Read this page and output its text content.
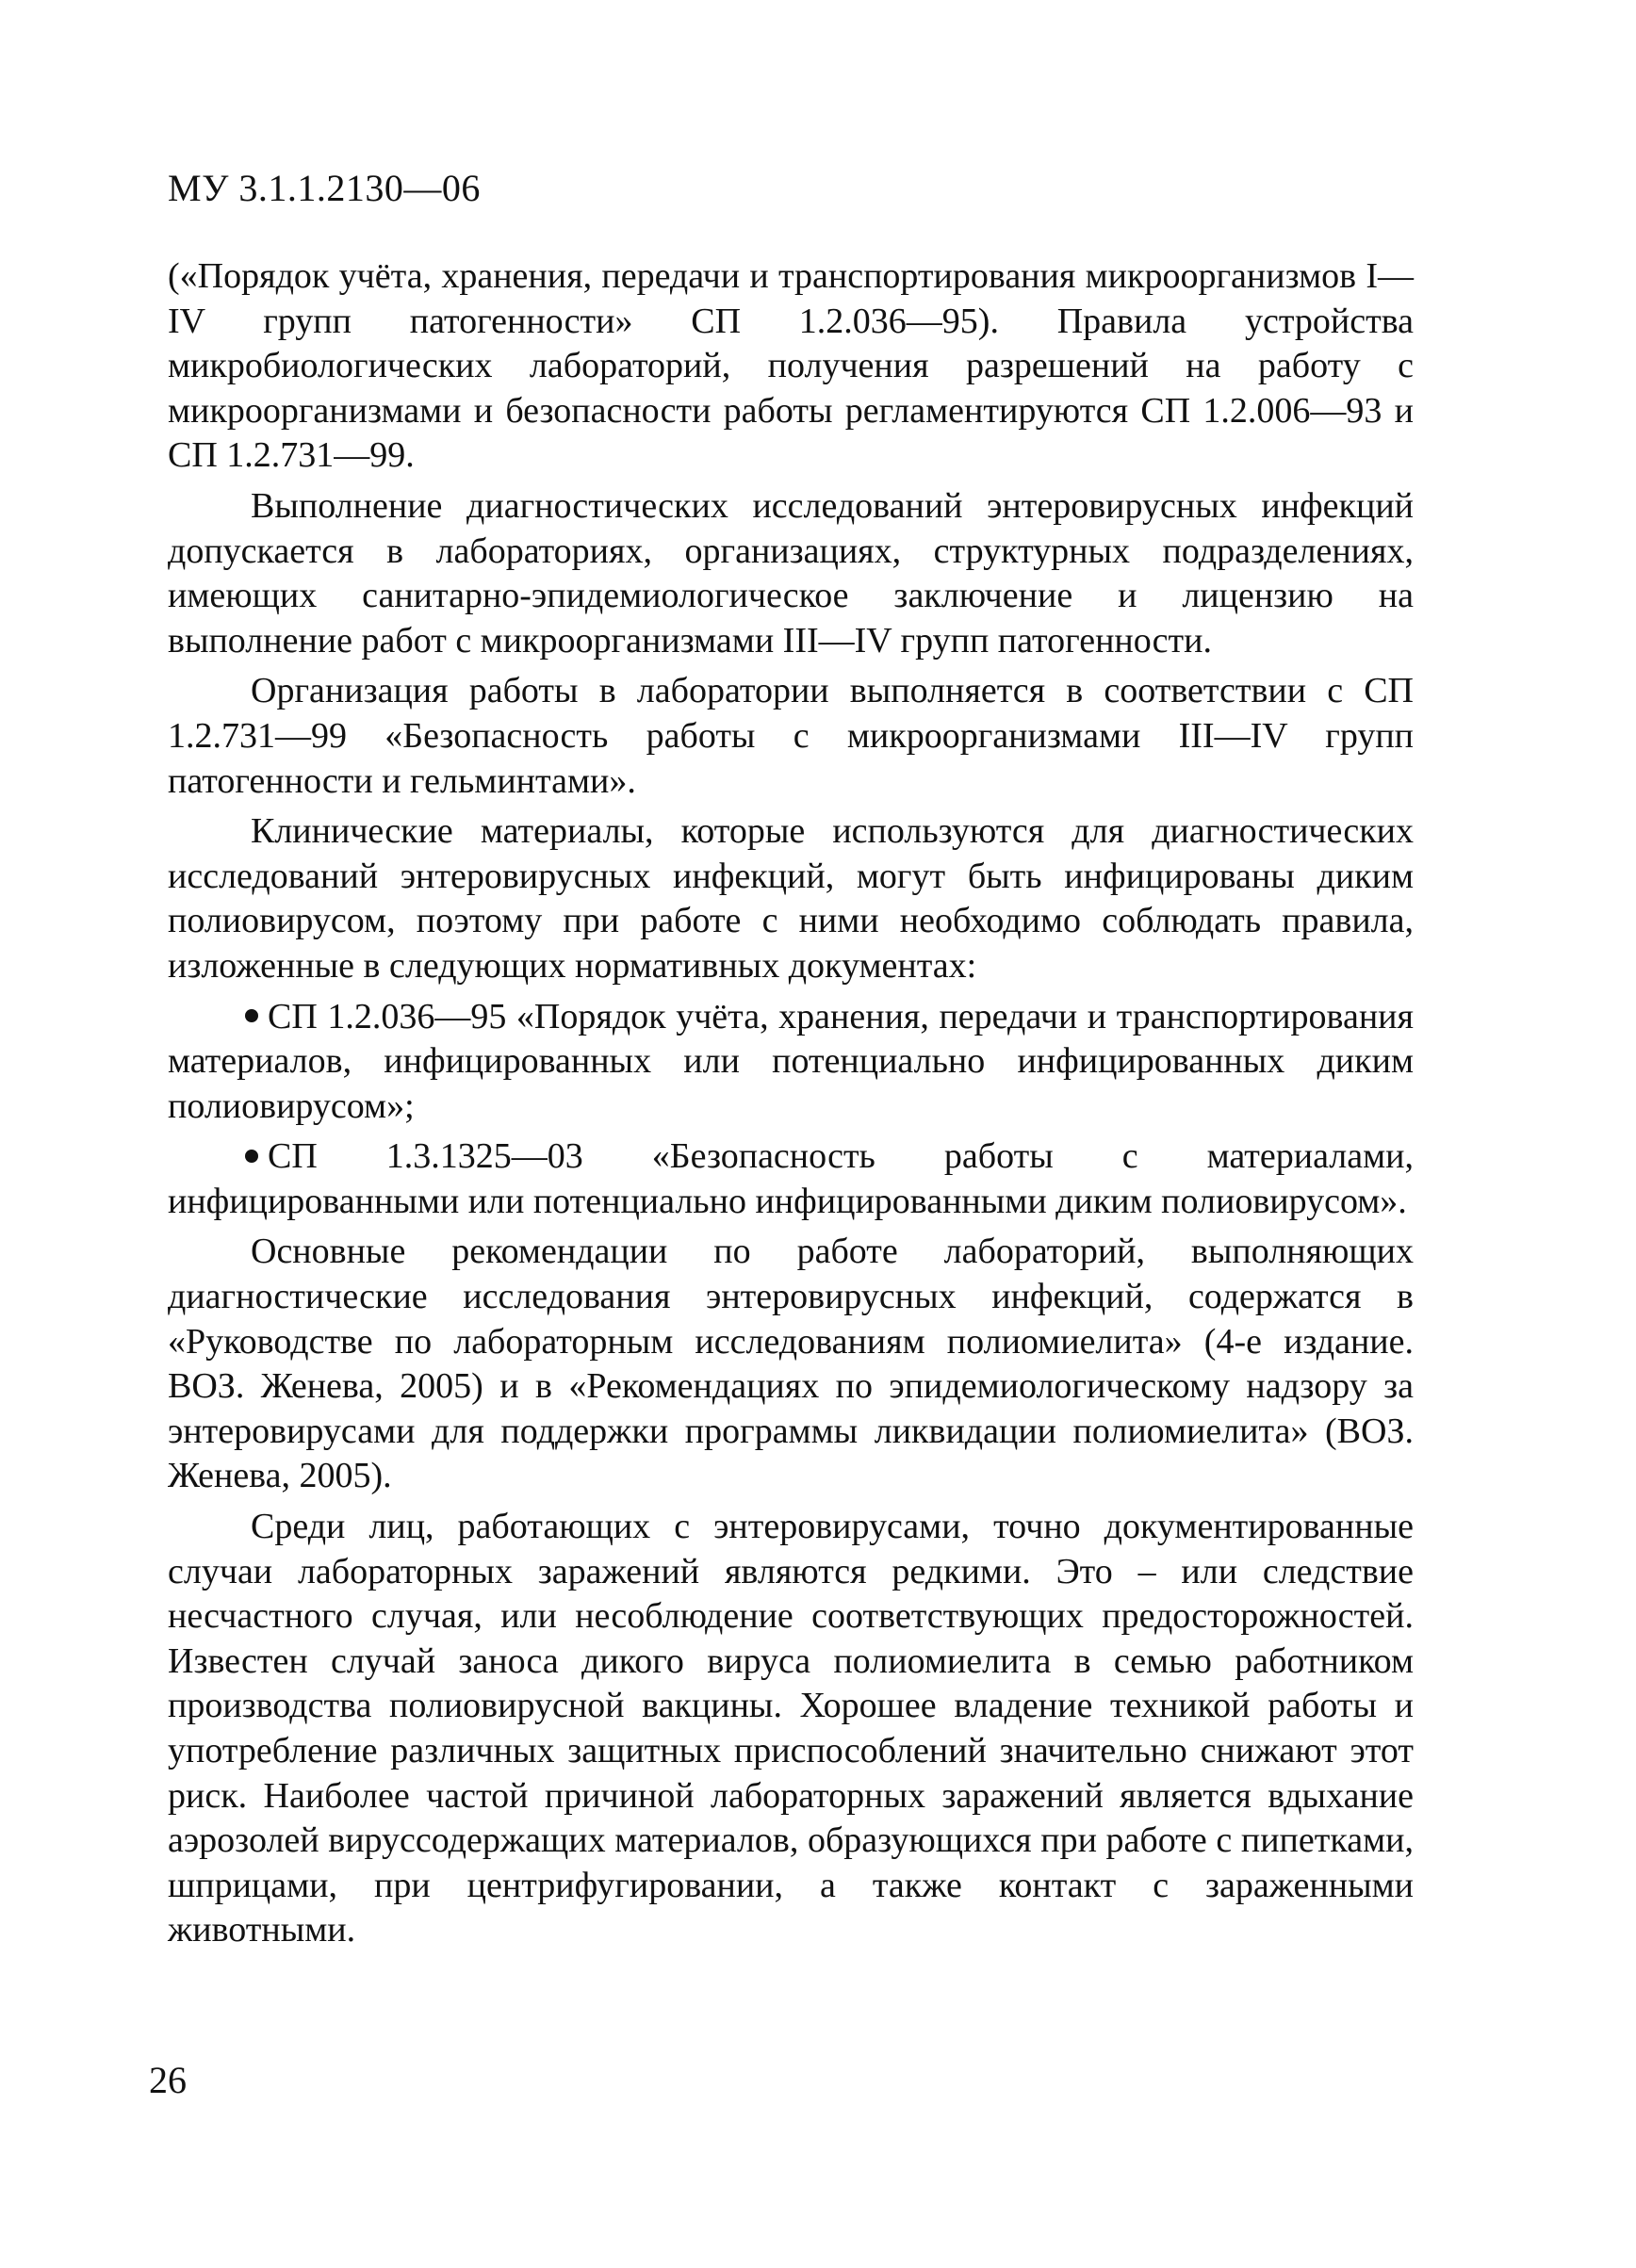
МУ 3.1.1.2130—06

(«Порядок учёта, хранения, передачи и транспортирования микроорганизмов I—IV групп патогенности» СП 1.2.036—95). Правила устройства микробиологических лабораторий, получения разрешений на работу с микроорганизмами и безопасности работы регламентируются СП 1.2.006—93 и СП 1.2.731—99.

Выполнение диагностических исследований энтеровирусных инфекций допускается в лабораториях, организациях, структурных подразделениях, имеющих санитарно-эпидемиологическое заключение и лицензию на выполнение работ с микроорганизмами III—IV групп патогенности.

Организация работы в лаборатории выполняется в соответствии с СП 1.2.731—99 «Безопасность работы с микроорганизмами III—IV групп патогенности и гельминтами».

Клинические материалы, которые используются для диагностических исследований энтеровирусных инфекций, могут быть инфицированы диким полиовирусом, поэтому при работе с ними необходимо соблюдать правила, изложенные в следующих нормативных документах:

СП 1.2.036—95 «Порядок учёта, хранения, передачи и транспортирования материалов, инфицированных или потенциально инфицированных диким полиовирусом»;

СП 1.3.1325—03 «Безопасность работы с материалами, инфицированными или потенциально инфицированными диким полиовирусом».

Основные рекомендации по работе лабораторий, выполняющих диагностические исследования энтеровирусных инфекций, содержатся в «Руководстве по лабораторным исследованиям полиомиелита» (4-е издание. ВОЗ. Женева, 2005) и в «Рекомендациях по эпидемиологическому надзору за энтеровирусами для поддержки программы ликвидации полиомиелита» (ВОЗ. Женева, 2005).

Среди лиц, работающих с энтеровирусами, точно документированные случаи лабораторных заражений являются редкими. Это – или следствие несчастного случая, или несоблюдение соответствующих предосторожностей. Известен случай заноса дикого вируса полиомиелита в семью работником производства полиовирусной вакцины. Хорошее владение техникой работы и употребление различных защитных приспособлений значительно снижают этот риск. Наиболее частой причиной лабораторных заражений является вдыхание аэрозолей вируссодержащих материалов, образующихся при работе с пипетками, шприцами, при центрифугировании, а также контакт с зараженными животными.

26
